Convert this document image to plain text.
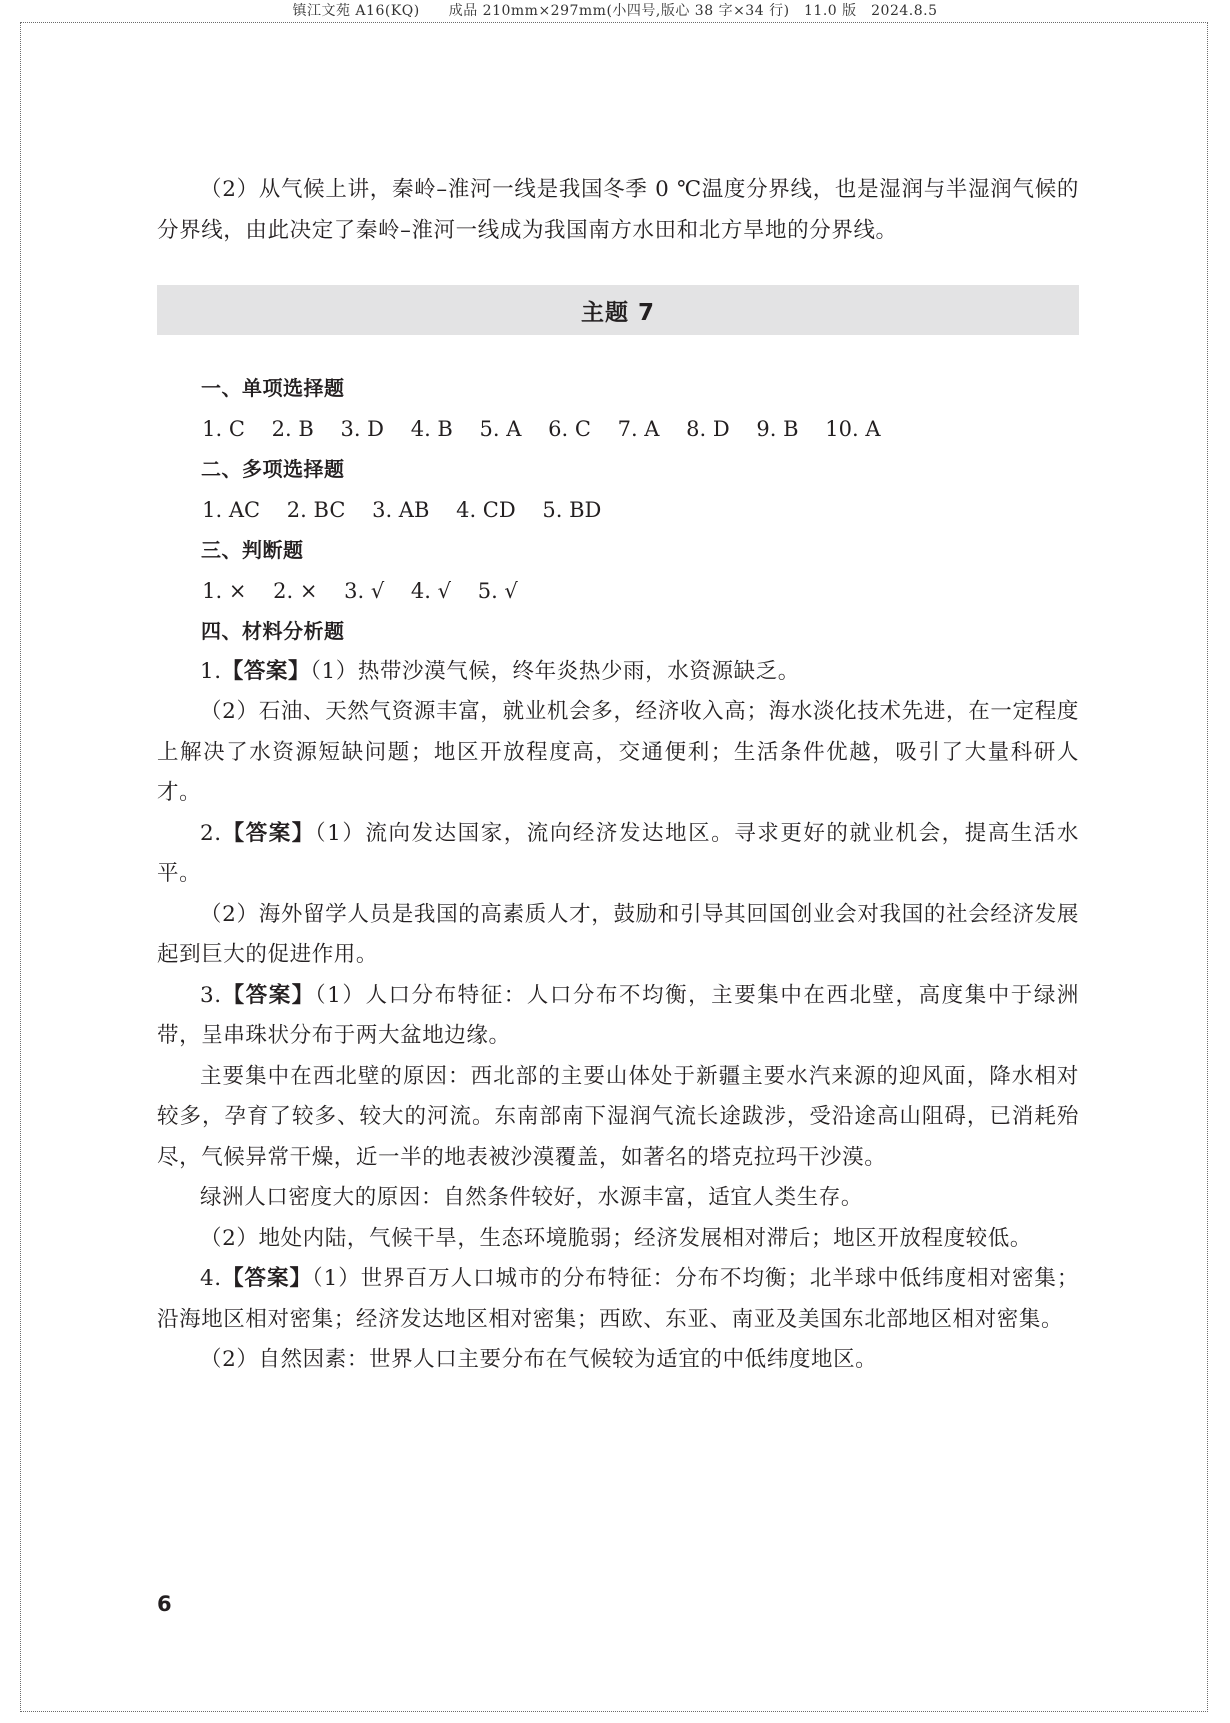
镇江文苑 A16(KQ)　　成品 210mm×297mm(小四号,版心 38 字×34 行)　11.0 版　2024.8.5

（2）从气候上讲，秦岭–淮河一线是我国冬季 0 ℃温度分界线，也是湿润与半湿润气候的分界线，由此决定了秦岭–淮河一线成为我国南方水田和北方旱地的分界线。

主题 7

一、单项选择题

1. C 2. B 3. D 4. B 5. A 6. C 7. A 8. D 9. B 10. A

二、多项选择题

1. AC 2. BC 3. AB 4. CD 5. BD

三、判断题

1. × 2. × 3. √ 4. √ 5. √

四、材料分析题

1.【答案】（1）热带沙漠气候，终年炎热少雨，水资源缺乏。

（2）石油、天然气资源丰富，就业机会多，经济收入高；海水淡化技术先进，在一定程度上解决了水资源短缺问题；地区开放程度高，交通便利；生活条件优越，吸引了大量科研人才。

2.【答案】（1）流向发达国家，流向经济发达地区。寻求更好的就业机会，提高生活水平。

（2）海外留学人员是我国的高素质人才，鼓励和引导其回国创业会对我国的社会经济发展起到巨大的促进作用。

3.【答案】（1）人口分布特征：人口分布不均衡，主要集中在西北壁，高度集中于绿洲带，呈串珠状分布于两大盆地边缘。

主要集中在西北壁的原因：西北部的主要山体处于新疆主要水汽来源的迎风面，降水相对较多，孕育了较多、较大的河流。东南部南下湿润气流长途跋涉，受沿途高山阻碍，已消耗殆尽，气候异常干燥，近一半的地表被沙漠覆盖，如著名的塔克拉玛干沙漠。

绿洲人口密度大的原因：自然条件较好，水源丰富，适宜人类生存。

（2）地处内陆，气候干旱，生态环境脆弱；经济发展相对滞后；地区开放程度较低。

4.【答案】（1）世界百万人口城市的分布特征：分布不均衡；北半球中低纬度相对密集；沿海地区相对密集；经济发达地区相对密集；西欧、东亚、南亚及美国东北部地区相对密集。

（2）自然因素：世界人口主要分布在气候较为适宜的中低纬度地区。

6
